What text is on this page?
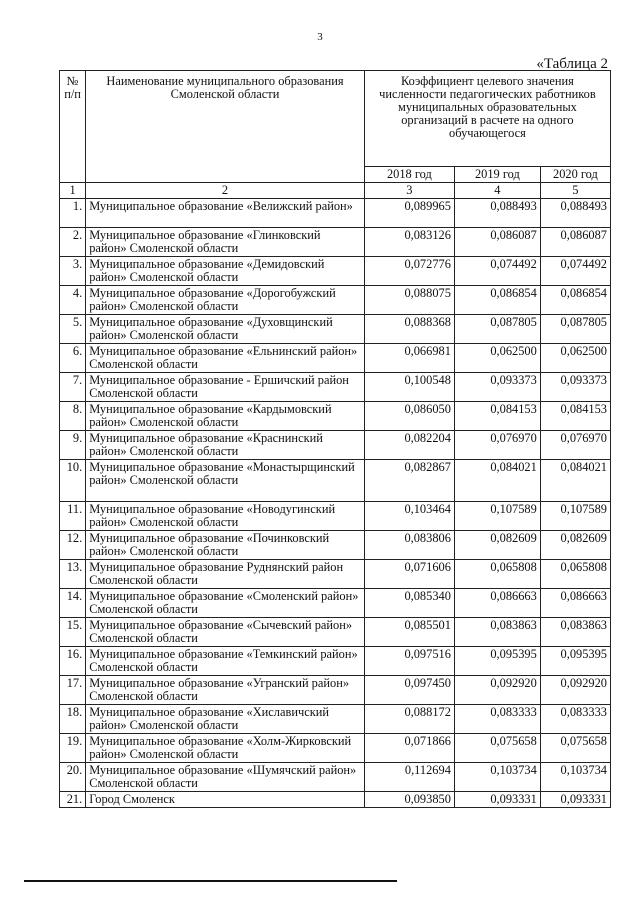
3
«Таблица 2
№
п/п	Наименование муниципального образования Смоленской области	Коэффициент целевого значения численности педагогических работников муниципальных образовательных организаций в расчете на одного обучающегося		
		2018 год	2019 год	2020 год
1	2	3	4	5
1.	Муниципальное образование «Велижский район»	0,089965	0,088493	0,088493
2.	Муниципальное образование «Глинковский район» Смоленской области	0,083126	0,086087	0,086087
3.	Муниципальное образование «Демидовский район» Смоленской области	0,072776	0,074492	0,074492
4.	Муниципальное образование «Дорогобужский район» Смоленской области	0,088075	0,086854	0,086854
5.	Муниципальное образование «Духовщинский район» Смоленской области	0,088368	0,087805	0,087805
6.	Муниципальное образование «Ельнинский район» Смоленской области	0,066981	0,062500	0,062500
7.	Муниципальное образование - Ершичский район Смоленской области	0,100548	0,093373	0,093373
8.	Муниципальное образование «Кардымовский район» Смоленской области	0,086050	0,084153	0,084153
9.	Муниципальное образование «Краснинский район» Смоленской области	0,082204	0,076970	0,076970
10.	Муниципальное образование «Монастырщинский район» Смоленской области	0,082867	0,084021	0,084021
11.	Муниципальное образование «Новодугинский район» Смоленской области	0,103464	0,107589	0,107589
12.	Муниципальное образование «Починковский район» Смоленской области	0,083806	0,082609	0,082609
13.	Муниципальное образование Руднянский район Смоленской области	0,071606	0,065808	0,065808
14.	Муниципальное образование «Смоленский район» Смоленской области	0,085340	0,086663	0,086663
15.	Муниципальное образование «Сычевский район» Смоленской области	0,085501	0,083863	0,083863
16.	Муниципальное образование «Темкинский район» Смоленской области	0,097516	0,095395	0,095395
17.	Муниципальное образование «Угранский район» Смоленской области	0,097450	0,092920	0,092920
18.	Муниципальное образование «Хиславичский район» Смоленской области	0,088172	0,083333	0,083333
19.	Муниципальное образование «Холм-Жирковский район» Смоленской области	0,071866	0,075658	0,075658
20.	Муниципальное образование «Шумячский район» Смоленской области	0,112694	0,103734	0,103734
21.	Город Смоленск	0,093850	0,093331	0,093331
